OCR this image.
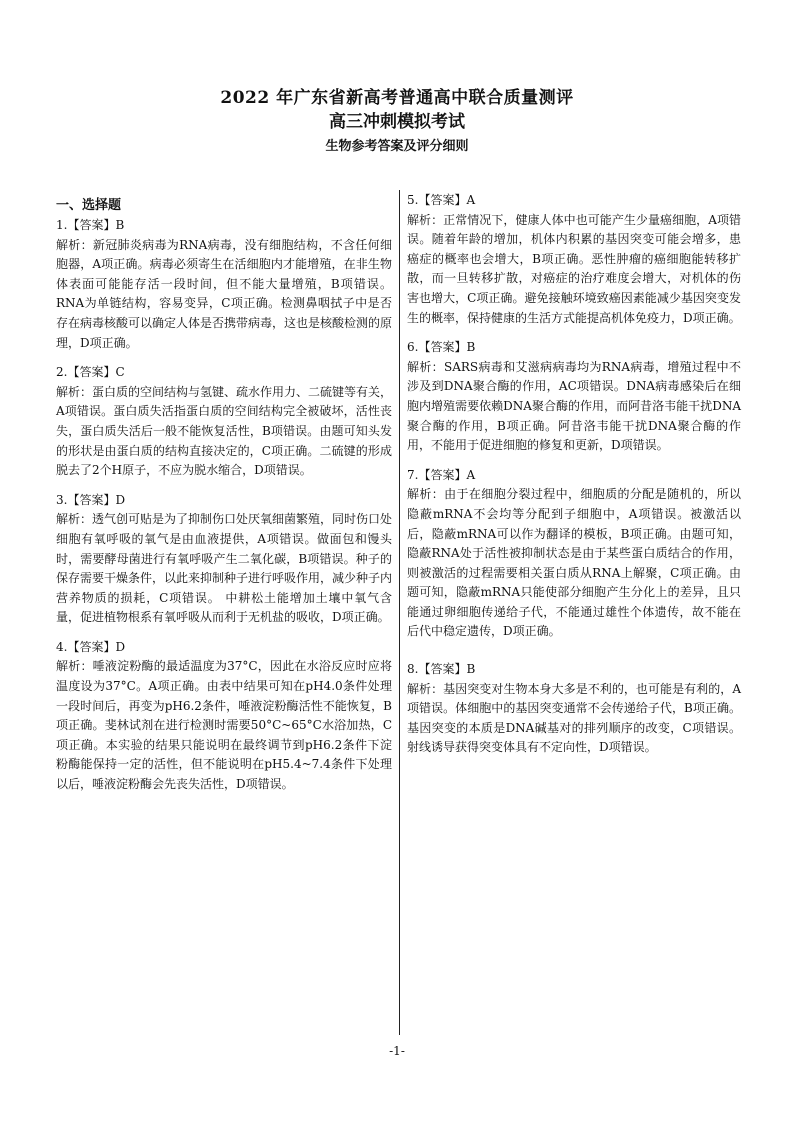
2022 年广东省新高考普通高中联合质量测评
高三冲刺模拟考试
生物参考答案及评分细则
一、选择题

1.【答案】B

解析：新冠肺炎病毒为RNA病毒，没有细胞结构，不含任何细胞器，A项正确。病毒必须寄生在活细胞内才能增殖，在非生物体表面可能能存活一段时间，但不能大量增殖，B项错误。RNA为单链结构，容易变异，C项正确。检测鼻咽拭子中是否存在病毒核酸可以确定人体是否携带病毒，这也是核酸检测的原理，D项正确。

2.【答案】C

解析：蛋白质的空间结构与氢键、疏水作用力、二硫键等有关，A项错误。蛋白质失活指蛋白质的空间结构完全被破坏，活性丧失，蛋白质失活后一般不能恢复活性，B项错误。由题可知头发的形状是由蛋白质的结构直接决定的，C项正确。二硫键的形成脱去了2个H原子，不应为脱水缩合，D项错误。

3.【答案】D

解析：透气创可贴是为了抑制伤口处厌氧细菌繁殖，同时伤口处细胞有氧呼吸的氧气是由血液提供，A项错误。做面包和馒头时，需要酵母菌进行有氧呼吸产生二氧化碳，B项错误。种子的保存需要干燥条件，以此来抑制种子进行呼吸作用，减少种子内营养物质的损耗，C项错误。 中耕松土能增加土壤中氧气含量，促进植物根系有氧呼吸从而利于无机盐的吸收，D项正确。

4.【答案】D

解析：唾液淀粉酶的最适温度为37°C，因此在水浴反应时应将温度设为37°C。A项正确。由表中结果可知在pH4.0条件处理一段时间后，再变为pH6.2条件，唾液淀粉酶活性不能恢复，B项正确。斐林试剂在进行检测时需要50°C~65°C水浴加热，C项正确。本实验的结果只能说明在最终调节到pH6.2条件下淀粉酶能保持一定的活性，但不能说明在pH5.4~7.4条件下处理以后，唾液淀粉酶会先丧失活性，D项错误。

5.【答案】A

解析：正常情况下，健康人体中也可能产生少量癌细胞，A项错误。随着年龄的增加，机体内积累的基因突变可能会增多，患癌症的概率也会增大，B项正确。恶性肿瘤的癌细胞能转移扩散，而一旦转移扩散，对癌症的治疗难度会增大，对机体的伤害也增大，C项正确。避免接触环境致癌因素能减少基因突变发生的概率，保持健康的生活方式能提高机体免疫力，D项正确。

6.【答案】B

解析：SARS病毒和艾滋病病毒均为RNA病毒，增殖过程中不涉及到DNA聚合酶的作用，AC项错误。DNA病毒感染后在细胞内增殖需要依赖DNA聚合酶的作用，而阿昔洛韦能干扰DNA聚合酶的作用，B项正确。阿昔洛韦能干扰DNA聚合酶的作用，不能用于促进细胞的修复和更新，D项错误。

7.【答案】A

解析：由于在细胞分裂过程中，细胞质的分配是随机的，所以隐蔽mRNA不会均等分配到子细胞中，A项错误。被激活以后，隐蔽mRNA可以作为翻译的模板，B项正确。由题可知，隐蔽RNA处于活性被抑制状态是由于某些蛋白质结合的作用，则被激活的过程需要相关蛋白质从RNA上解聚，C项正确。由题可知，隐蔽mRNA只能使部分细胞产生分化上的差异，且只能通过卵细胞传递给子代，不能通过雄性个体遗传，故不能在后代中稳定遗传，D项正确。

8.【答案】B

解析：基因突变对生物本身大多是不利的，也可能是有利的，A项错误。体细胞中的基因突变通常不会传递给子代，B项正确。基因突变的本质是DNA碱基对的排列顺序的改变，C项错误。射线诱导获得突变体具有不定向性，D项错误。

-1-
